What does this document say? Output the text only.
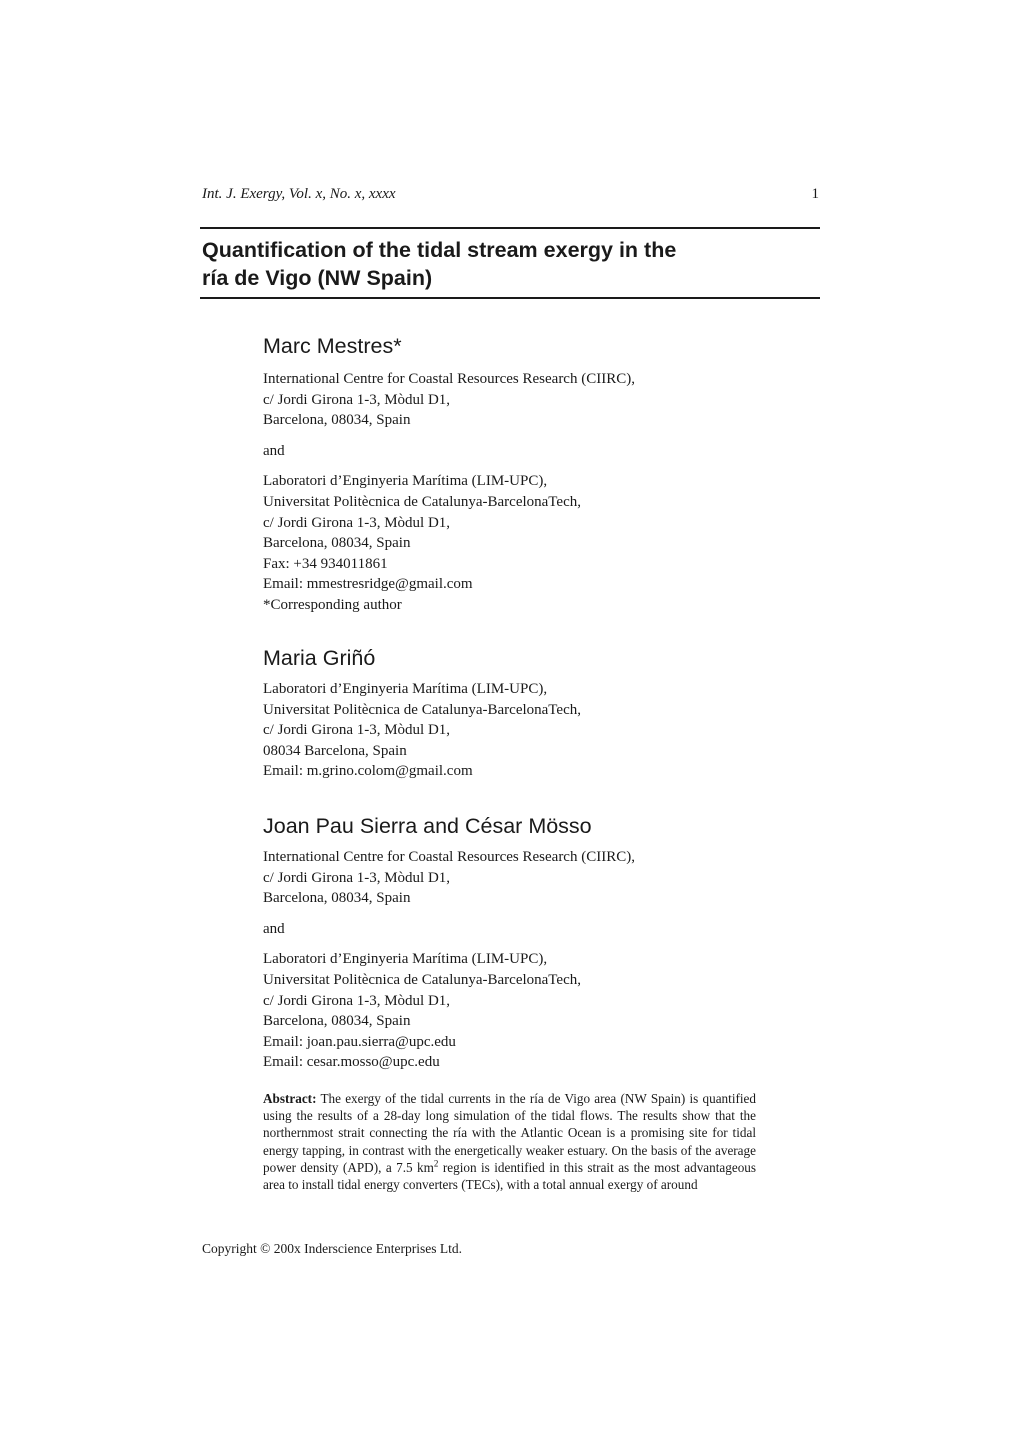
Int. J. Exergy, Vol. x, No. x, xxxx	1
Quantification of the tidal stream exergy in the
ría de Vigo (NW Spain)
Marc Mestres*
International Centre for Coastal Resources Research (CIIRC),
c/ Jordi Girona 1-3, Mòdul D1,
Barcelona, 08034, Spain
and
Laboratori d’Enginyeria Marítima (LIM-UPC),
Universitat Politècnica de Catalunya-BarcelonaTech,
c/ Jordi Girona 1-3, Mòdul D1,
Barcelona, 08034, Spain
Fax: +34 934011861
Email: mmestresridge@gmail.com
*Corresponding author
Maria Griñó
Laboratori d’Enginyeria Marítima (LIM-UPC),
Universitat Politècnica de Catalunya-BarcelonaTech,
c/ Jordi Girona 1-3, Mòdul D1,
08034 Barcelona, Spain
Email: m.grino.colom@gmail.com
Joan Pau Sierra and César Mösso
International Centre for Coastal Resources Research (CIIRC),
c/ Jordi Girona 1-3, Mòdul D1,
Barcelona, 08034, Spain
and
Laboratori d’Enginyeria Marítima (LIM-UPC),
Universitat Politècnica de Catalunya-BarcelonaTech,
c/ Jordi Girona 1-3, Mòdul D1,
Barcelona, 08034, Spain
Email: joan.pau.sierra@upc.edu
Email: cesar.mosso@upc.edu
Abstract: The exergy of the tidal currents in the ría de Vigo area (NW Spain) is quantified using the results of a 28-day long simulation of the tidal flows. The results show that the northernmost strait connecting the ría with the Atlantic Ocean is a promising site for tidal energy tapping, in contrast with the energetically weaker estuary. On the basis of the average power density (APD), a 7.5 $km^2$ region is identified in this strait as the most advantageous area to install tidal energy converters (TECs), with a total annual exergy of around
Copyright © 200x Inderscience Enterprises Ltd.
